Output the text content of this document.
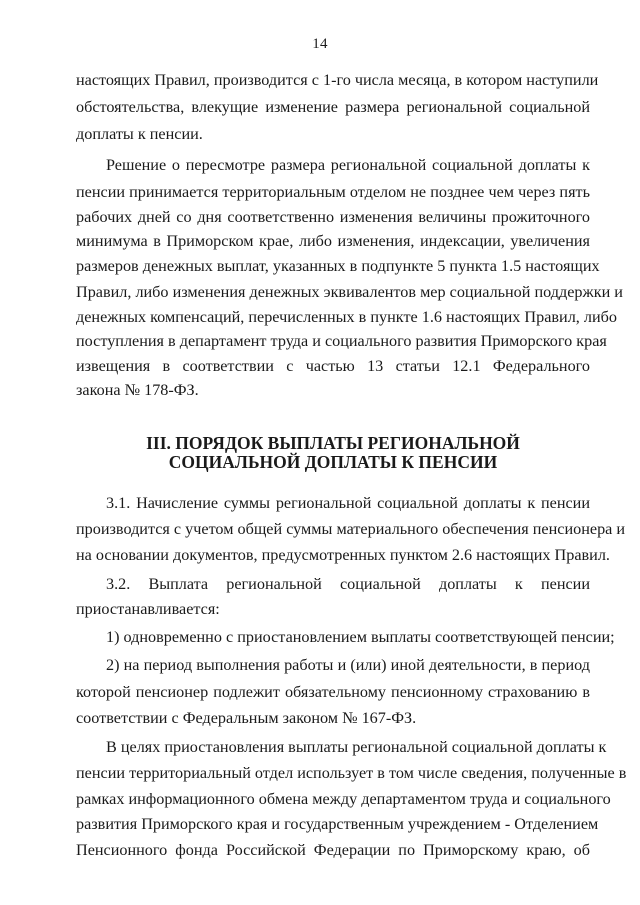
14
настоящих Правил, производится с 1-го числа месяца, в котором наступили
обстоятельства, влекущие изменение размера региональной социальной
доплаты к пенсии.
Решение о пересмотре размера региональной социальной доплаты к
пенсии принимается территориальным отделом не позднее чем через пять
рабочих дней со дня соответственно изменения величины прожиточного
минимума в Приморском крае, либо изменения, индексации, увеличения
размеров денежных выплат, указанных в подпункте 5 пункта 1.5 настоящих
Правил, либо изменения денежных эквивалентов мер социальной поддержки и
денежных компенсаций, перечисленных в пункте 1.6 настоящих Правил, либо
поступления в департамент труда и социального развития Приморского края
извещения в соответствии с частью 13 статьи 12.1 Федерального
закона № 178-ФЗ.
III. ПОРЯДОК ВЫПЛАТЫ РЕГИОНАЛЬНОЙ
СОЦИАЛЬНОЙ ДОПЛАТЫ К ПЕНСИИ
3.1. Начисление суммы региональной социальной доплаты к пенсии
производится с учетом общей суммы материального обеспечения пенсионера и
на основании документов, предусмотренных пунктом 2.6 настоящих Правил.
3.2. Выплата региональной социальной доплаты к пенсии
приостанавливается:
1) одновременно с приостановлением выплаты соответствующей пенсии;
2) на период выполнения работы и (или) иной деятельности, в период
которой пенсионер подлежит обязательному пенсионному страхованию в
соответствии с Федеральным законом № 167-ФЗ.
В целях приостановления выплаты региональной социальной доплаты к
пенсии территориальный отдел использует в том числе сведения, полученные в
рамках информационного обмена между департаментом труда и социального
развития Приморского края и государственным учреждением - Отделением
Пенсионного фонда Российской Федерации по Приморскому краю, об
